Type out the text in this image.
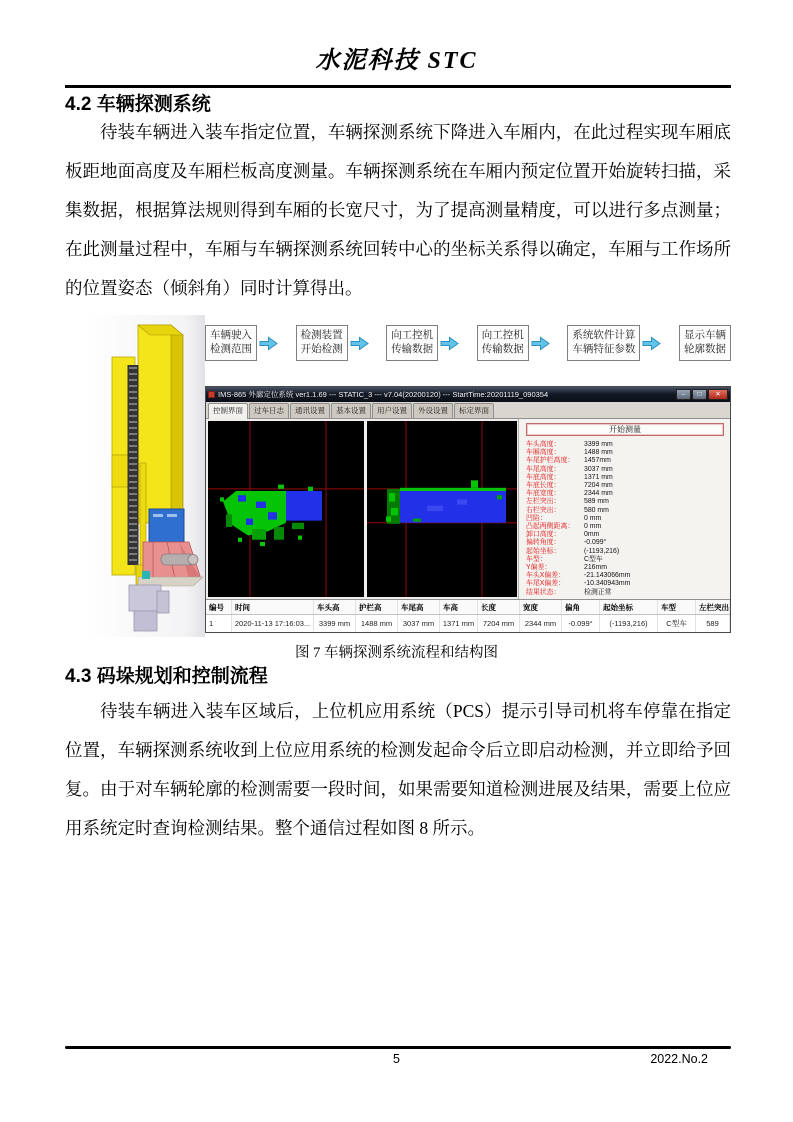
水泥科技 STC
4.2 车辆探测系统
待装车辆进入装车指定位置，车辆探测系统下降进入车厢内，在此过程实现车厢底板距地面高度及车厢栏板高度测量。车辆探测系统在车厢内预定位置开始旋转扫描，采集数据，根据算法规则得到车厢的长宽尺寸，为了提高测量精度，可以进行多点测量；在此测量过程中，车厢与车辆探测系统回转中心的坐标关系得以确定，车厢与工作场所的位置姿态（倾斜角）同时计算得出。
车辆驶入
检测范围
检测装置
开始检测
向工控机
传输数据
向工控机
传输数据
系统软件计算
车辆特征参数
显示车辆
轮廓数据
IMS-865 外廓定位系统 ver1.1.69 --- STATIC_3 --- v7.04(20200120) --- StartTime:20201119_090354	–	□	✕
控制界面	过车日志	通讯设置	基本设置	用户设置	外设设置	标定界面
开始测量
车头高度：	3399 mm
车厢高度：	1488 mm
车尾护栏高度：	1457mm
车尾高度：	3037 mm
车底高度：	1371 mm
车底长度：	7204 mm
车底宽度：	2344 mm
左栏突出：	589 mm
右栏突出：	580 mm
凹陷：	0 mm
凸起两侧距离：	0 mm
卸口高度：	0mm
偏转角度：	-0.099°
起始坐标：	(-1193,216)
车型：	C型车
Y偏差：	216mm
车头X偏差：	-21.143066mm
车尾X偏差：	-10.340943mm
结果状态：	检测正常
编号	时间	车头高	护栏高	车尾高	车高	长度	宽度	偏角	起始坐标	车型	左栏突出
1	2020-11-13 17:16:03...	3399 mm	1488 mm	3037 mm	1371 mm	7204 mm	2344 mm	-0.099°	(-1193,216)	C型车	589
图 7 车辆探测系统流程和结构图
4.3 码垛规划和控制流程
待装车辆进入装车区域后，上位机应用系统（PCS）提示引导司机将车停靠在指定位置，车辆探测系统收到上位应用系统的检测发起命令后立即启动检测，并立即给予回复。由于对车辆轮廓的检测需要一段时间，如果需要知道检测进展及结果，需要上位应用系统定时查询检测结果。整个通信过程如图 8 所示。
5	2022.No.2
